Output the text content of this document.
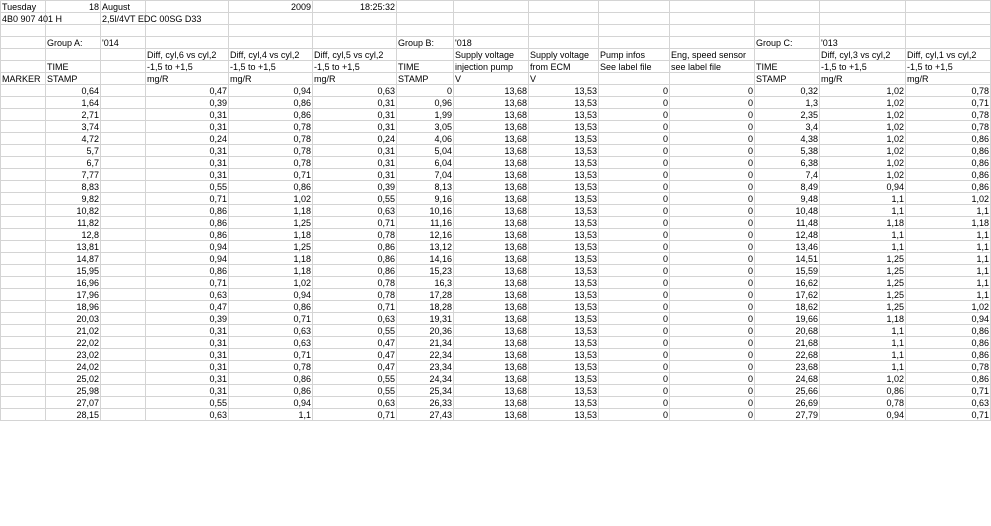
Tuesday	18	August		2009	18:25:32										
4B0 907 401 H		2,5l/4VT EDC 00SG D33													

	Group A:	'014				Group B:	'018					Group C:	'013		
			Diff, cyl,6 vs cyl,2	Diff, cyl,4 vs cyl,2	Diff, cyl,5 vs cyl,2		Supply voltage	Supply voltage	Pump infos	Eng, speed sensor			Diff, cyl,3 vs cyl,2	Diff, cyl,1 vs cyl,2	
	TIME		-1,5 to +1,5	-1,5 to +1,5	-1,5 to +1,5	TIME	injection pump	from ECM	See label file	see label file		TIME	-1,5 to +1,5	-1,5 to +1,5	
MARKER	STAMP		mg/R	mg/R	mg/R	STAMP	V	V				STAMP	mg/R	mg/R	
	0,64		0,47	0,94	0,63	0	13,68	13,53	0	0		0,32	1,02	0,78	
	1,64		0,39	0,86	0,31	0,96	13,68	13,53	0	0		1,3	1,02	0,71	
	2,71		0,31	0,86	0,31	1,99	13,68	13,53	0	0		2,35	1,02	0,78	
	3,74		0,31	0,78	0,31	3,05	13,68	13,53	0	0		3,4	1,02	0,78	
	4,72		0,24	0,78	0,24	4,06	13,68	13,53	0	0		4,38	1,02	0,86	
	5,7		0,31	0,78	0,31	5,04	13,68	13,53	0	0		5,38	1,02	0,86	
	6,7		0,31	0,78	0,31	6,04	13,68	13,53	0	0		6,38	1,02	0,86	
	7,77		0,31	0,71	0,31	7,04	13,68	13,53	0	0		7,4	1,02	0,86	
	8,83		0,55	0,86	0,39	8,13	13,68	13,53	0	0		8,49	0,94	0,86	
	9,82		0,71	1,02	0,55	9,16	13,68	13,53	0	0		9,48	1,1	1,02	
	10,82		0,86	1,18	0,63	10,16	13,68	13,53	0	0		10,48	1,1	1,1	
	11,82		0,86	1,25	0,71	11,16	13,68	13,53	0	0		11,48	1,18	1,18	
	12,8		0,86	1,18	0,78	12,16	13,68	13,53	0	0		12,48	1,1	1,1	
	13,81		0,94	1,25	0,86	13,12	13,68	13,53	0	0		13,46	1,1	1,1	
	14,87		0,94	1,18	0,86	14,16	13,68	13,53	0	0		14,51	1,25	1,1	
	15,95		0,86	1,18	0,86	15,23	13,68	13,53	0	0		15,59	1,25	1,1	
	16,96		0,71	1,02	0,78	16,3	13,68	13,53	0	0		16,62	1,25	1,1	
	17,96		0,63	0,94	0,78	17,28	13,68	13,53	0	0		17,62	1,25	1,1	
	18,96		0,47	0,86	0,71	18,28	13,68	13,53	0	0		18,62	1,25	1,02	
	20,03		0,39	0,71	0,63	19,31	13,68	13,53	0	0		19,66	1,18	0,94	
	21,02		0,31	0,63	0,55	20,36	13,68	13,53	0	0		20,68	1,1	0,86	
	22,02		0,31	0,63	0,47	21,34	13,68	13,53	0	0		21,68	1,1	0,86	
	23,02		0,31	0,71	0,47	22,34	13,68	13,53	0	0		22,68	1,1	0,86	
	24,02		0,31	0,78	0,47	23,34	13,68	13,53	0	0		23,68	1,1	0,78	
	25,02		0,31	0,86	0,55	24,34	13,68	13,53	0	0		24,68	1,02	0,86	
	25,98		0,31	0,86	0,55	25,34	13,68	13,53	0	0		25,66	0,86	0,71	
	27,07		0,55	0,94	0,63	26,33	13,68	13,53	0	0		26,69	0,78	0,63	
	28,15		0,63	1,1	0,71	27,43	13,68	13,53	0	0		27,79	0,94	0,71	
